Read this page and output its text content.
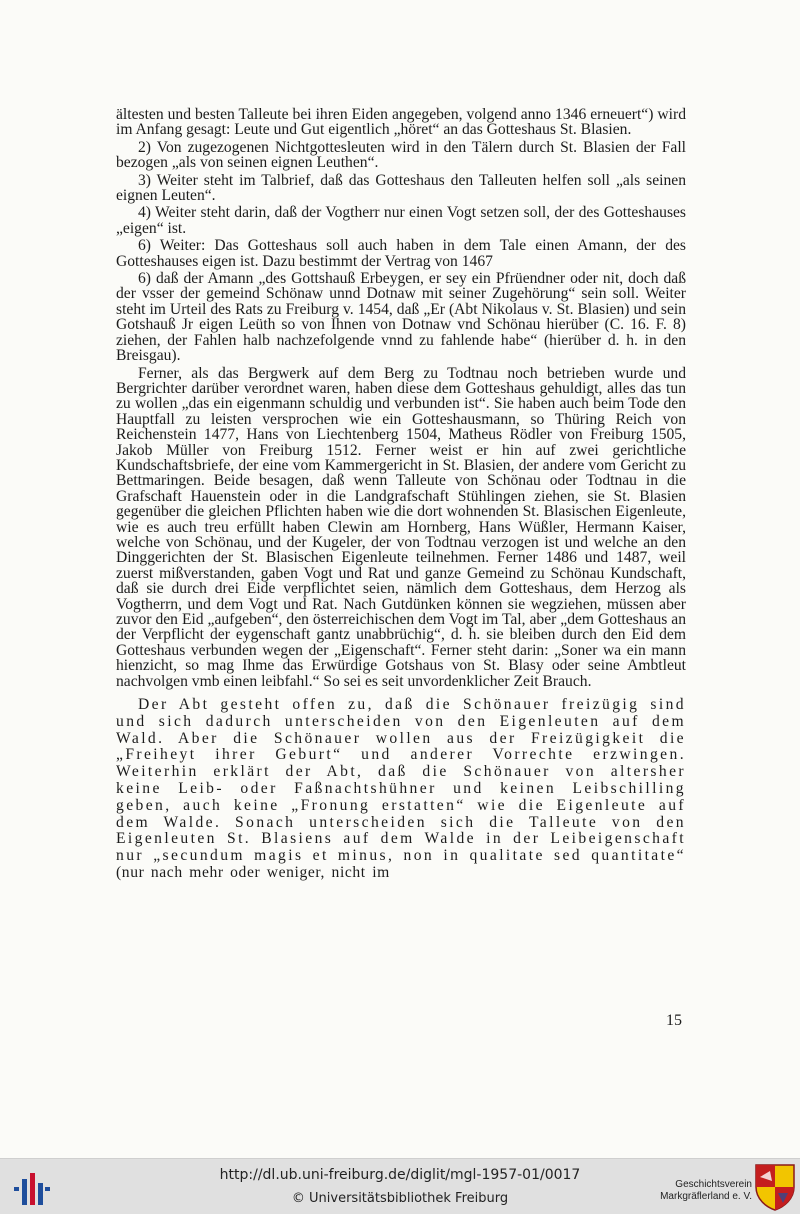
ältesten und besten Talleute bei ihren Eiden angegeben, volgend anno 1346 erneuert“) wird im Anfang gesagt: Leute und Gut eigentlich „höret“ an das Gotteshaus St. Blasien.

2) Von zugezogenen Nichtgottesleuten wird in den Tälern durch St. Blasien der Fall bezogen „als von seinen eignen Leuthen“.

3) Weiter steht im Talbrief, daß das Gotteshaus den Talleuten helfen soll „als seinen eignen Leuten“.

4) Weiter steht darin, daß der Vogtherr nur einen Vogt setzen soll, der des Gotteshauses „eigen“ ist.

6) Weiter: Das Gotteshaus soll auch haben in dem Tale einen Amann, der des Gotteshauses eigen ist. Dazu bestimmt der Vertrag von 1467

6) daß der Amann „des Gottshauß Erbeygen, er sey ein Pfrüendner oder nit, doch daß der vsser der gemeind Schönaw unnd Dotnaw mit seiner Zugehörung“ sein soll. Weiter steht im Urteil des Rats zu Freiburg v. 1454, daß „Er (Abt Nikolaus v. St. Blasien) und sein Gotshauß Jr eigen Leüth so von Ihnen von Dotnaw vnd Schönau hierüber (C. 16. F. 8) ziehen, der Fahlen halb nachzefolgende vnnd zu fahlende habe“ (hierüber d. h. in den Breisgau).

Ferner, als das Bergwerk auf dem Berg zu Todtnau noch betrieben wurde und Bergrichter darüber verordnet waren, haben diese dem Gotteshaus gehuldigt, alles das tun zu wollen „das ein eigenmann schuldig und verbunden ist“. Sie haben auch beim Tode den Hauptfall zu leisten versprochen wie ein Gotteshausmann, so Thüring Reich von Reichenstein 1477, Hans von Liechtenberg 1504, Matheus Rödler von Freiburg 1505, Jakob Müller von Freiburg 1512. Ferner weist er hin auf zwei gerichtliche Kundschaftsbriefe, der eine vom Kammergericht in St. Blasien, der andere vom Gericht zu Bettmaringen. Beide besagen, daß wenn Talleute von Schönau oder Todtnau in die Grafschaft Hauenstein oder in die Landgrafschaft Stühlingen ziehen, sie St. Blasien gegenüber die gleichen Pflichten haben wie die dort wohnenden St. Blasischen Eigenleute, wie es auch treu erfüllt haben Clewin am Hornberg, Hans Wüßler, Hermann Kaiser, welche von Schönau, und der Kugeler, der von Todtnau verzogen ist und welche an den Dinggerichten der St. Blasischen Eigenleute teilnehmen. Ferner 1486 und 1487, weil zuerst mißverstanden, gaben Vogt und Rat und ganze Gemeind zu Schönau Kundschaft, daß sie durch drei Eide verpflichtet seien, nämlich dem Gotteshaus, dem Herzog als Vogtherrn, und dem Vogt und Rat. Nach Gutdünken können sie wegziehen, müssen aber zuvor den Eid „aufgeben“, den österreichischen dem Vogt im Tal, aber „dem Gotteshaus an der Verpflicht der eygenschaft gantz unabbrüchig“, d. h. sie bleiben durch den Eid dem Gotteshaus verbunden wegen der „Eigenschaft“. Ferner steht darin: „Soner wa ein mann hienzicht, so mag Ihme das Erwürdige Gotshaus von St. Blasy oder seine Ambtleut nachvolgen vmb einen leibfahl.“ So sei es seit unvordenklicher Zeit Brauch.

Der Abt gesteht offen zu, daß die Schönauer freizügig sind und sich dadurch unterscheiden von den Eigenleuten auf dem Wald. Aber die Schönauer wollen aus der Freizügigkeit die „Freiheyt ihrer Geburt“ und anderer Vorrechte erzwingen. Weiterhin erklärt der Abt, daß die Schönauer von altersher keine Leib- oder Faßnachtshühner und keinen Leibschilling geben, auch keine „Fronung erstatten“ wie die Eigenleute auf dem Walde. Sonach unterscheiden sich die Talleute von den Eigenleuten St. Blasiens auf dem Walde in der Leibeigenschaft nur „secundum magis et minus, non in qualitate sed quantitate“ (nur nach mehr oder weniger, nicht im

15
http://dl.ub.uni-freiburg.de/diglit/mgl-1957-01/0017
© Universitätsbibliothek Freiburg
Geschichtsverein
Markgräflerland e. V.
